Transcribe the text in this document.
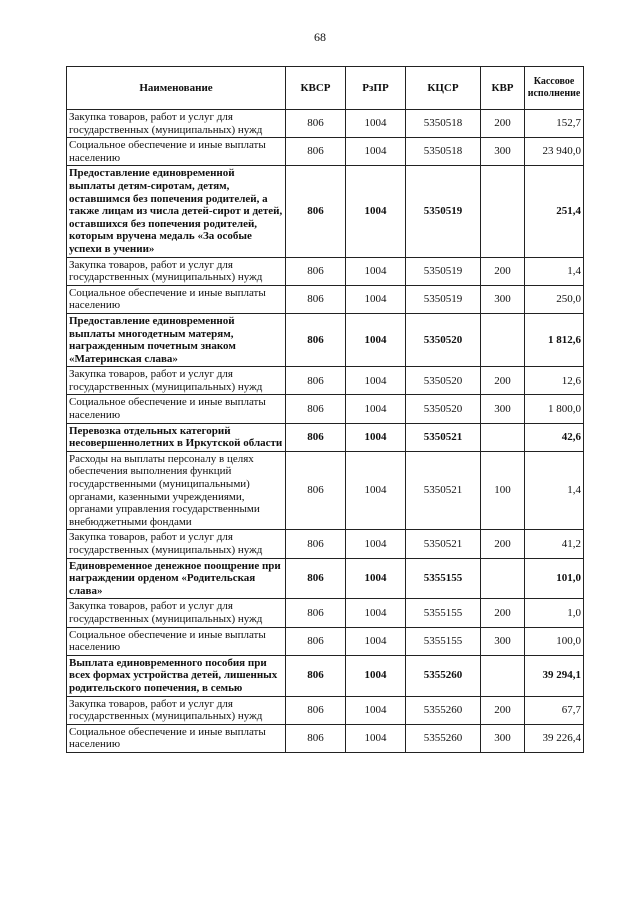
68
Наименование	КВСР	РзПР	КЦСР	КВР	Кассовое исполнение
Закупка товаров, работ и услуг для государственных (муниципальных) нужд	806	1004	5350518	200	152,7
Социальное обеспечение и иные выплаты населению	806	1004	5350518	300	23 940,0
Предоставление единовременной выплаты детям-сиротам, детям, оставшимся без попечения родителей, а также лицам из числа детей-сирот и детей, оставшихся без попечения родителей, которым вручена медаль «За особые успехи в учении»	806	1004	5350519		251,4
Закупка товаров, работ и услуг для государственных (муниципальных) нужд	806	1004	5350519	200	1,4
Социальное обеспечение и иные выплаты населению	806	1004	5350519	300	250,0
Предоставление единовременной выплаты многодетным матерям, награжденным почетным знаком «Материнская слава»	806	1004	5350520		1 812,6
Закупка товаров, работ и услуг для государственных (муниципальных) нужд	806	1004	5350520	200	12,6
Социальное обеспечение и иные выплаты населению	806	1004	5350520	300	1 800,0
Перевозка отдельных категорий несовершеннолетних в Иркутской области	806	1004	5350521		42,6
Расходы на выплаты персоналу в целях обеспечения выполнения функций государственными (муниципальными) органами, казенными учреждениями, органами управления государственными внебюджетными фондами	806	1004	5350521	100	1,4
Закупка товаров, работ и услуг для государственных (муниципальных) нужд	806	1004	5350521	200	41,2
Единовременное денежное поощрение при награждении орденом «Родительская слава»	806	1004	5355155		101,0
Закупка товаров, работ и услуг для государственных (муниципальных) нужд	806	1004	5355155	200	1,0
Социальное обеспечение и иные выплаты населению	806	1004	5355155	300	100,0
Выплата единовременного пособия при всех формах устройства детей, лишенных родительского попечения, в семью	806	1004	5355260		39 294,1
Закупка товаров, работ и услуг для государственных (муниципальных) нужд	806	1004	5355260	200	67,7
Социальное обеспечение и иные выплаты населению	806	1004	5355260	300	39 226,4
